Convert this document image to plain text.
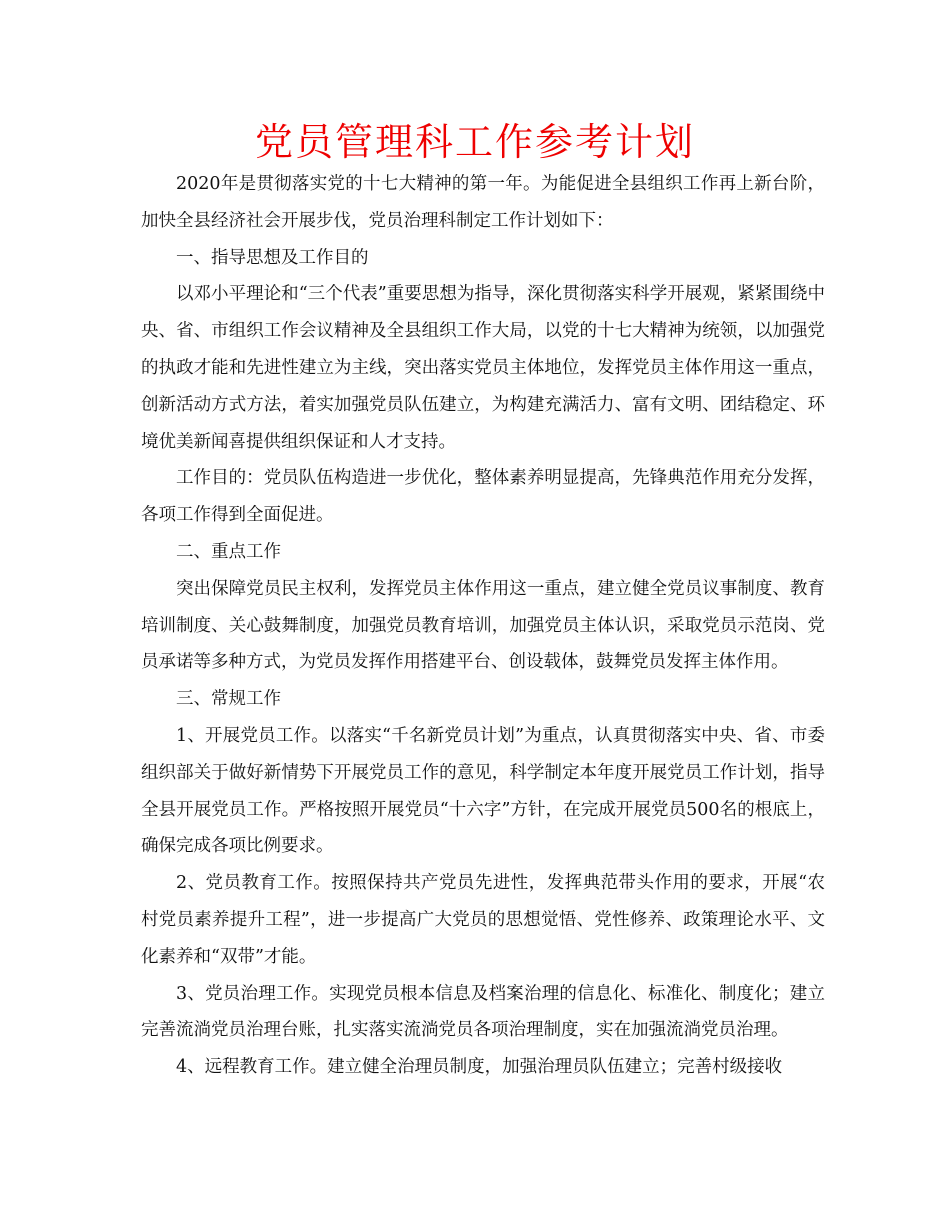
党员管理科工作参考计划

2020年是贯彻落实党的十七大精神的第一年。为能促进全县组织工作再上新台阶，加快全县经济社会开展步伐，党员治理科制定工作计划如下：

一、指导思想及工作目的

以邓小平理论和“三个代表”重要思想为指导，深化贯彻落实科学开展观，紧紧围绕中央、省、市组织工作会议精神及全县组织工作大局，以党的十七大精神为统领，以加强党的执政才能和先进性建立为主线，突出落实党员主体地位，发挥党员主体作用这一重点，创新活动方式方法，着实加强党员队伍建立，为构建充满活力、富有文明、团结稳定、环境优美新闻喜提供组织保证和人才支持。

工作目的：党员队伍构造进一步优化，整体素养明显提高，先锋典范作用充分发挥，各项工作得到全面促进。

二、重点工作

突出保障党员民主权利，发挥党员主体作用这一重点，建立健全党员议事制度、教育培训制度、关心鼓舞制度，加强党员教育培训，加强党员主体认识，采取党员示范岗、党员承诺等多种方式，为党员发挥作用搭建平台、创设载体，鼓舞党员发挥主体作用。

三、常规工作

1、开展党员工作。以落实“千名新党员计划”为重点，认真贯彻落实中央、省、市委组织部关于做好新情势下开展党员工作的意见，科学制定本年度开展党员工作计划，指导全县开展党员工作。严格按照开展党员“十六字”方针，在完成开展党员500名的根底上，确保完成各项比例要求。

2、党员教育工作。按照保持共产党员先进性，发挥典范带头作用的要求，开展“农村党员素养提升工程”，进一步提高广大党员的思想觉悟、党性修养、政策理论水平、文化素养和“双带”才能。

3、党员治理工作。实现党员根本信息及档案治理的信息化、标准化、制度化；建立完善流淌党员治理台账，扎实落实流淌党员各项治理制度，实在加强流淌党员治理。

4、远程教育工作。建立健全治理员制度，加强治理员队伍建立；完善村级接收
